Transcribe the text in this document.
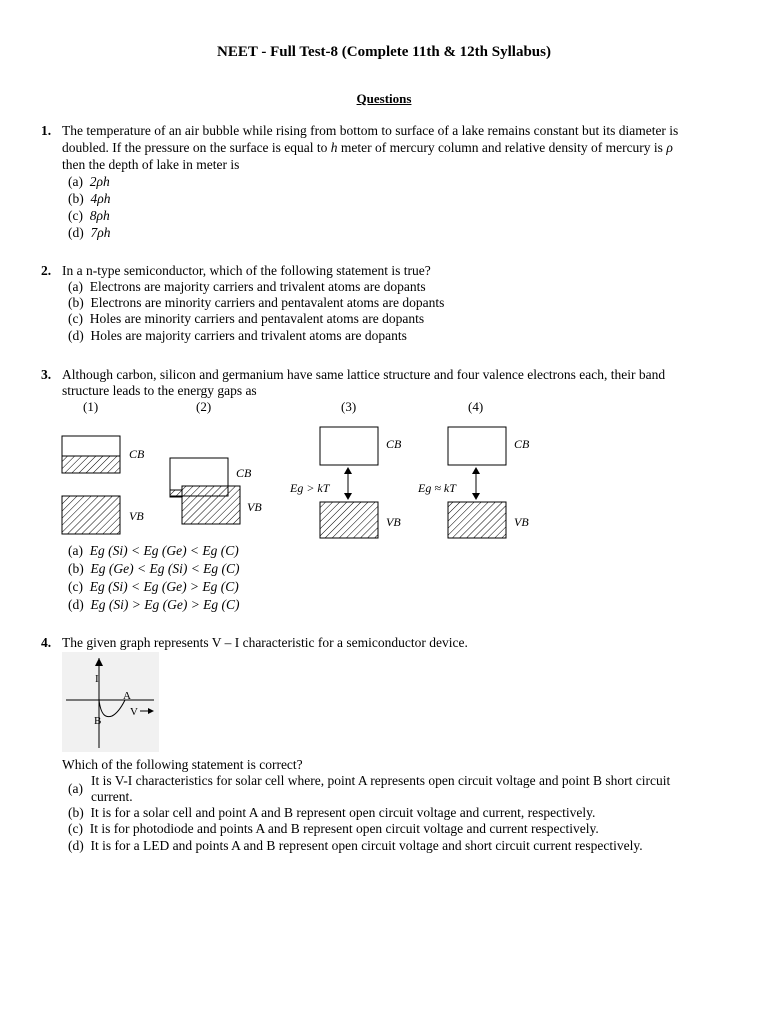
NEET - Full Test-8 (Complete 11th & 12th Syllabus)
Questions
1. The temperature of an air bubble while rising from bottom to surface of a lake remains constant but its diameter is
doubled. If the pressure on the surface is equal to h meter of mercury column and relative density of mercury is ρ
then the depth of lake in meter is
(a) 2ρh
(b) 4ρh
(c) 8ρh
(d) 7ρh
2. In a n-type semiconductor, which of the following statement is true?
(a) Electrons are majority carriers and trivalent atoms are dopants
(b) Electrons are minority carriers and pentavalent atoms are dopants
(c) Holes are minority carriers and pentavalent atoms are dopants
(d) Holes are majority carriers and trivalent atoms are dopants
3. Although carbon, silicon and germanium have same lattice structure and four valence electrons each, their band
structure leads to the energy gaps as
(1)	(2)	(3)	(4)
CB
VB
CB
VB
CB
VB
Eg > kT
CB
VB
Eg ≈ kT
(a) Eg (Si) < Eg (Ge) < Eg (C)
(b) Eg (Ge) < Eg (Si) < Eg (C)
(c) Eg (Si) < Eg (Ge) > Eg (C)
(d) Eg (Si) > Eg (Ge) > Eg (C)
4. The given graph represents V – I characteristic for a semiconductor device.
I
V
A
B
Which of the following statement is correct?
(a)
It is V-I characteristics for solar cell where, point A represents open circuit voltage and point B short circuit
current.
(b) It is for a solar cell and point A and B represent open circuit voltage and current, respectively.
(c) It is for photodiode and points A and B represent open circuit voltage and current respectively.
(d) It is for a LED and points A and B represent open circuit voltage and short circuit current respectively.
